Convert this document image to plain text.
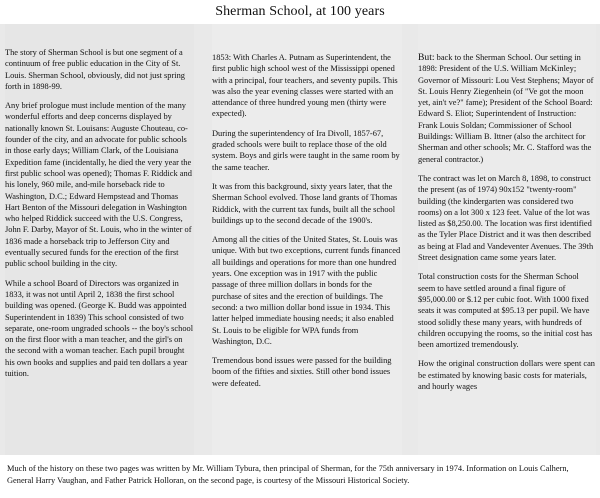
Sherman School, at 100 years

The story of Sherman School is but one segment of a continuum of free public education in the City of St. Louis. Sherman School, obviously, did not just spring forth in 1898-99.

Any brief prologue must include mention of the many wonderful efforts and deep concerns displayed by nationally known St. Louisans: Auguste Chouteau, co-founder of the city, and an advocate for public schools in those early days; William Clark, of the Louisiana Expedition fame (incidentally, he died the very year the first public school was opened); Thomas F. Riddick and his lonely, 960 mile, and-mile horseback ride to Washington, D.C.; Edward Hempstead and Thomas Hart Benton of the Missouri delegation in Washington who helped Riddick succeed with the U.S. Congress, John F. Darby, Mayor of St. Louis, who in the winter of 1836 made a horseback trip to Jefferson City and eventually secured funds for the erection of the first public school building in the city.

While a school Board of Directors was organized in 1833, it was not until April 2, 1838 the first school building was opened. (George K. Budd was appointed Superintendent in 1839) This school consisted of two separate, one-room ungraded schools -- the boy's school on the first floor with a man teacher, and the girl's on the second with a woman teacher. Each pupil brought his own books and supplies and paid ten dollars a year tuition.

1853: With Charles A. Putnam as Superintendent, the first public high school west of the Mississippi opened with a principal, four teachers, and seventy pupils. This was also the year evening classes were started with an attendance of three hundred young men (thirty were expected).

During the superintendency of Ira Divoll, 1857-67, graded schools were built to replace those of the old system. Boys and girls were taught in the same room by the same teacher.

It was from this background, sixty years later, that the Sherman School evolved. Those land grants of Thomas Riddick, with the current tax funds, built all the school buildings up to the second decade of the 1900's.

Among all the cities of the United States, St. Louis was unique. With but two exceptions, current funds financed all buildings and operations for more than one hundred years. One exception was in 1917 with the public passage of three million dollars in bonds for the purchase of sites and the erection of buildings. The second: a two million dollar bond issue in 1934. This latter helped immediate housing needs; it also enabled St. Louis to be eligible for WPA funds from Washington, D.C.

Tremendous bond issues were passed for the building boom of the fifties and sixties. Still other bond issues were defeated.

But: back to the Sherman School. Our setting in 1898: President of the U.S. William McKinley; Governor of Missouri: Lou Vest Stephens; Mayor of St. Louis Henry Ziegenhein (of "Ve got the moon yet, ain't ve?" fame); President of the School Board: Edward S. Eliot; Superintendent of Instruction: Frank Louis Soldan; Commissioner of School Buildings: William B. Ittner (also the architect for Sherman and other schools; Mr. C. Stafford was the general contractor.)

The contract was let on March 8, 1898, to construct the present (as of 1974) 90x152 "twenty-room" building (the kindergarten was considered two rooms) on a lot 300 x 123 feet. Value of the lot was listed as $8,250.00. The location was first identified as the Tyler Place District and it was then described as being at Flad and Vandeventer Avenues. The 39th Street designation came some years later.

Total construction costs for the Sherman School seem to have settled around a final figure of $95,000.00 or $.12 per cubic foot. With 1000 fixed seats it was computed at $95.13 per pupil. We have stood solidly these many years, with hundreds of children occupying the rooms, so the initial cost has been amortized tremendously.

How the original construction dollars were spent can be estimated by knowing basic costs for materials, and hourly wages

Much of the history on these two pages was written by Mr. William Tybura, then principal of Sherman, for the 75th anniversary in 1974. Information on Louis Calhern, General Harry Vaughan, and Father Patrick Holloran, on the second page, is courtesy of the Missouri Historical Society.
